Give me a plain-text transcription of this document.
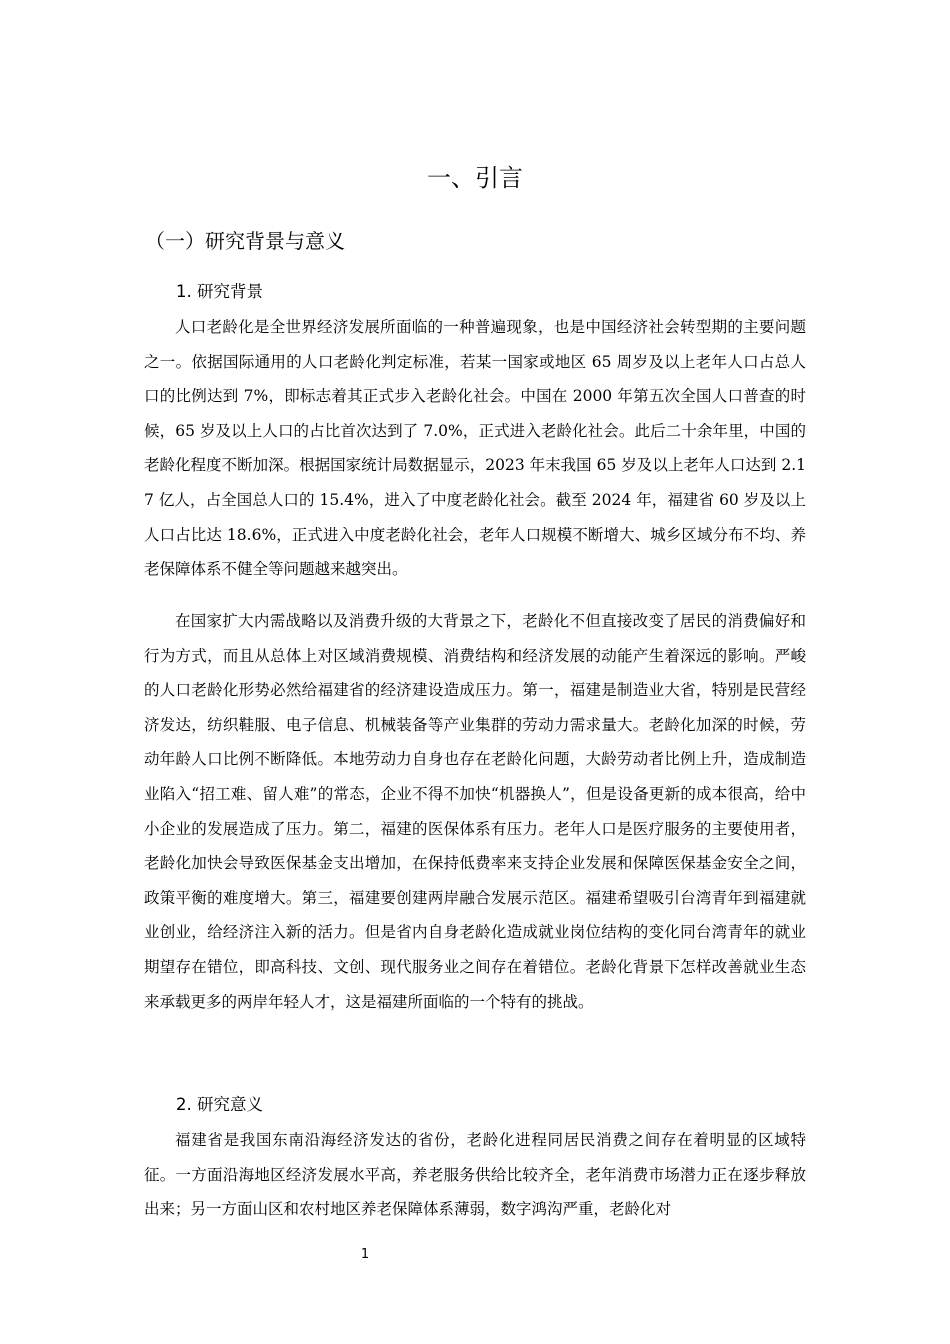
一、引言
（一）研究背景与意义
1. 研究背景

人口老龄化是全世界经济发展所面临的一种普遍现象，也是中国经济社会转型期的主要问题之一。依据国际通用的人口老龄化判定标准，若某一国家或地区 65 周岁及以上老年人口占总人口的比例达到 7%，即标志着其正式步入老龄化社会。中国在 2000 年第五次全国人口普查的时候，65 岁及以上人口的占比首次达到了 7.0%，正式进入老龄化社会。此后二十余年里，中国的老龄化程度不断加深。根据国家统计局数据显示，2023 年末我国 65 岁及以上老年人口达到 2.17 亿人，占全国总人口的 15.4%，进入了中度老龄化社会。截至 2024 年，福建省 60 岁及以上人口占比达 18.6%，正式进入中度老龄化社会，老年人口规模不断增大、城乡区域分布不均、养老保障体系不健全等问题越来越突出。

在国家扩大内需战略以及消费升级的大背景之下，老龄化不但直接改变了居民的消费偏好和行为方式，而且从总体上对区域消费规模、消费结构和经济发展的动能产生着深远的影响。严峻的人口老龄化形势必然给福建省的经济建设造成压力。第一，福建是制造业大省，特别是民营经济发达，纺织鞋服、电子信息、机械装备等产业集群的劳动力需求量大。老龄化加深的时候，劳动年龄人口比例不断降低。本地劳动力自身也存在老龄化问题，大龄劳动者比例上升，造成制造业陷入“招工难、留人难”的常态，企业不得不加快“机器换人”，但是设备更新的成本很高，给中小企业的发展造成了压力。第二，福建的医保体系有压力。老年人口是医疗服务的主要使用者，老龄化加快会导致医保基金支出增加，在保持低费率来支持企业发展和保障医保基金安全之间，政策平衡的难度增大。第三，福建要创建两岸融合发展示范区。福建希望吸引台湾青年到福建就业创业，给经济注入新的活力。但是省内自身老龄化造成就业岗位结构的变化同台湾青年的就业期望存在错位，即高科技、文创、现代服务业之间存在着错位。老龄化背景下怎样改善就业生态来承载更多的两岸年轻人才，这是福建所面临的一个特有的挑战。

2. 研究意义

福建省是我国东南沿海经济发达的省份，老龄化进程同居民消费之间存在着明显的区域特征。一方面沿海地区经济发展水平高，养老服务供给比较齐全，老年消费市场潜力正在逐步释放出来；另一方面山区和农村地区养老保障体系薄弱，数字鸿沟严重，老龄化对

1
